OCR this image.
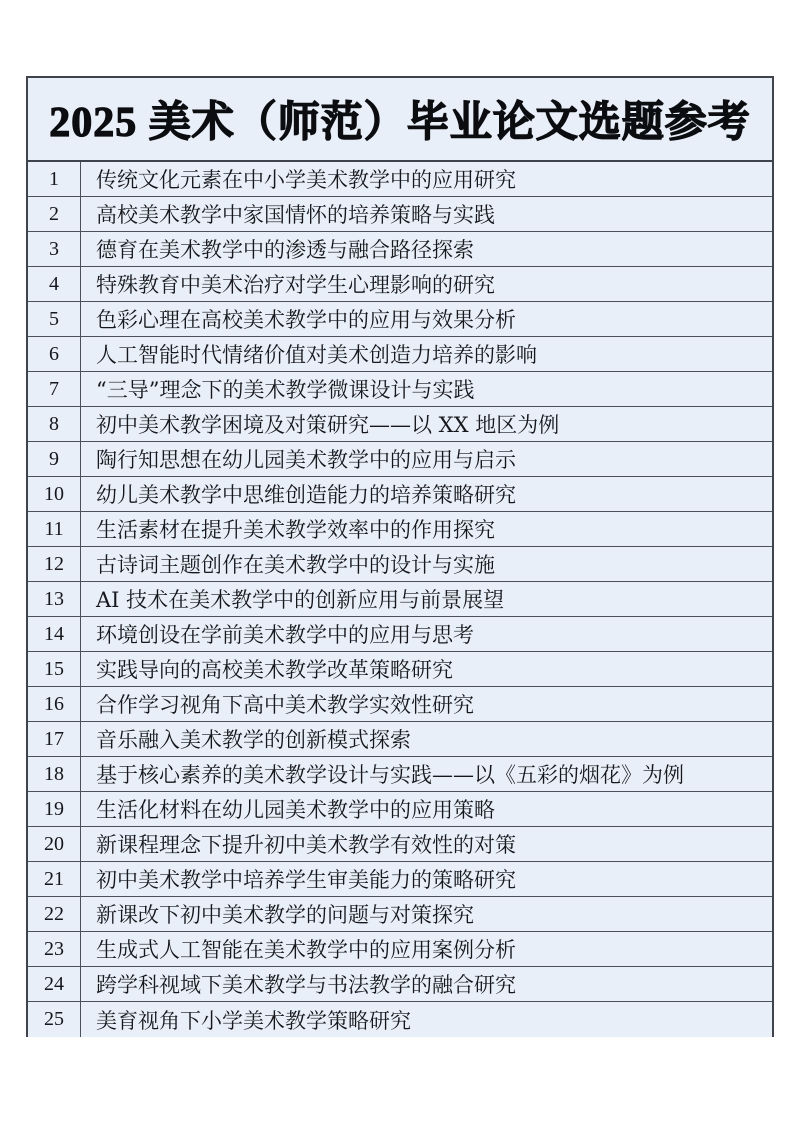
2025 美术（师范）毕业论文选题参考
1	传统文化元素在中小学美术教学中的应用研究
2	高校美术教学中家国情怀的培养策略与实践
3	德育在美术教学中的渗透与融合路径探索
4	特殊教育中美术治疗对学生心理影响的研究
5	色彩心理在高校美术教学中的应用与效果分析
6	人工智能时代情绪价值对美术创造力培养的影响
7	“三导”理念下的美术教学微课设计与实践
8	初中美术教学困境及对策研究——以 XX 地区为例
9	陶行知思想在幼儿园美术教学中的应用与启示
10	幼儿美术教学中思维创造能力的培养策略研究
11	生活素材在提升美术教学效率中的作用探究
12	古诗词主题创作在美术教学中的设计与实施
13	AI 技术在美术教学中的创新应用与前景展望
14	环境创设在学前美术教学中的应用与思考
15	实践导向的高校美术教学改革策略研究
16	合作学习视角下高中美术教学实效性研究
17	音乐融入美术教学的创新模式探索
18	基于核心素养的美术教学设计与实践——以《五彩的烟花》为例
19	生活化材料在幼儿园美术教学中的应用策略
20	新课程理念下提升初中美术教学有效性的对策
21	初中美术教学中培养学生审美能力的策略研究
22	新课改下初中美术教学的问题与对策探究
23	生成式人工智能在美术教学中的应用案例分析
24	跨学科视域下美术教学与书法教学的融合研究
25	美育视角下小学美术教学策略研究
